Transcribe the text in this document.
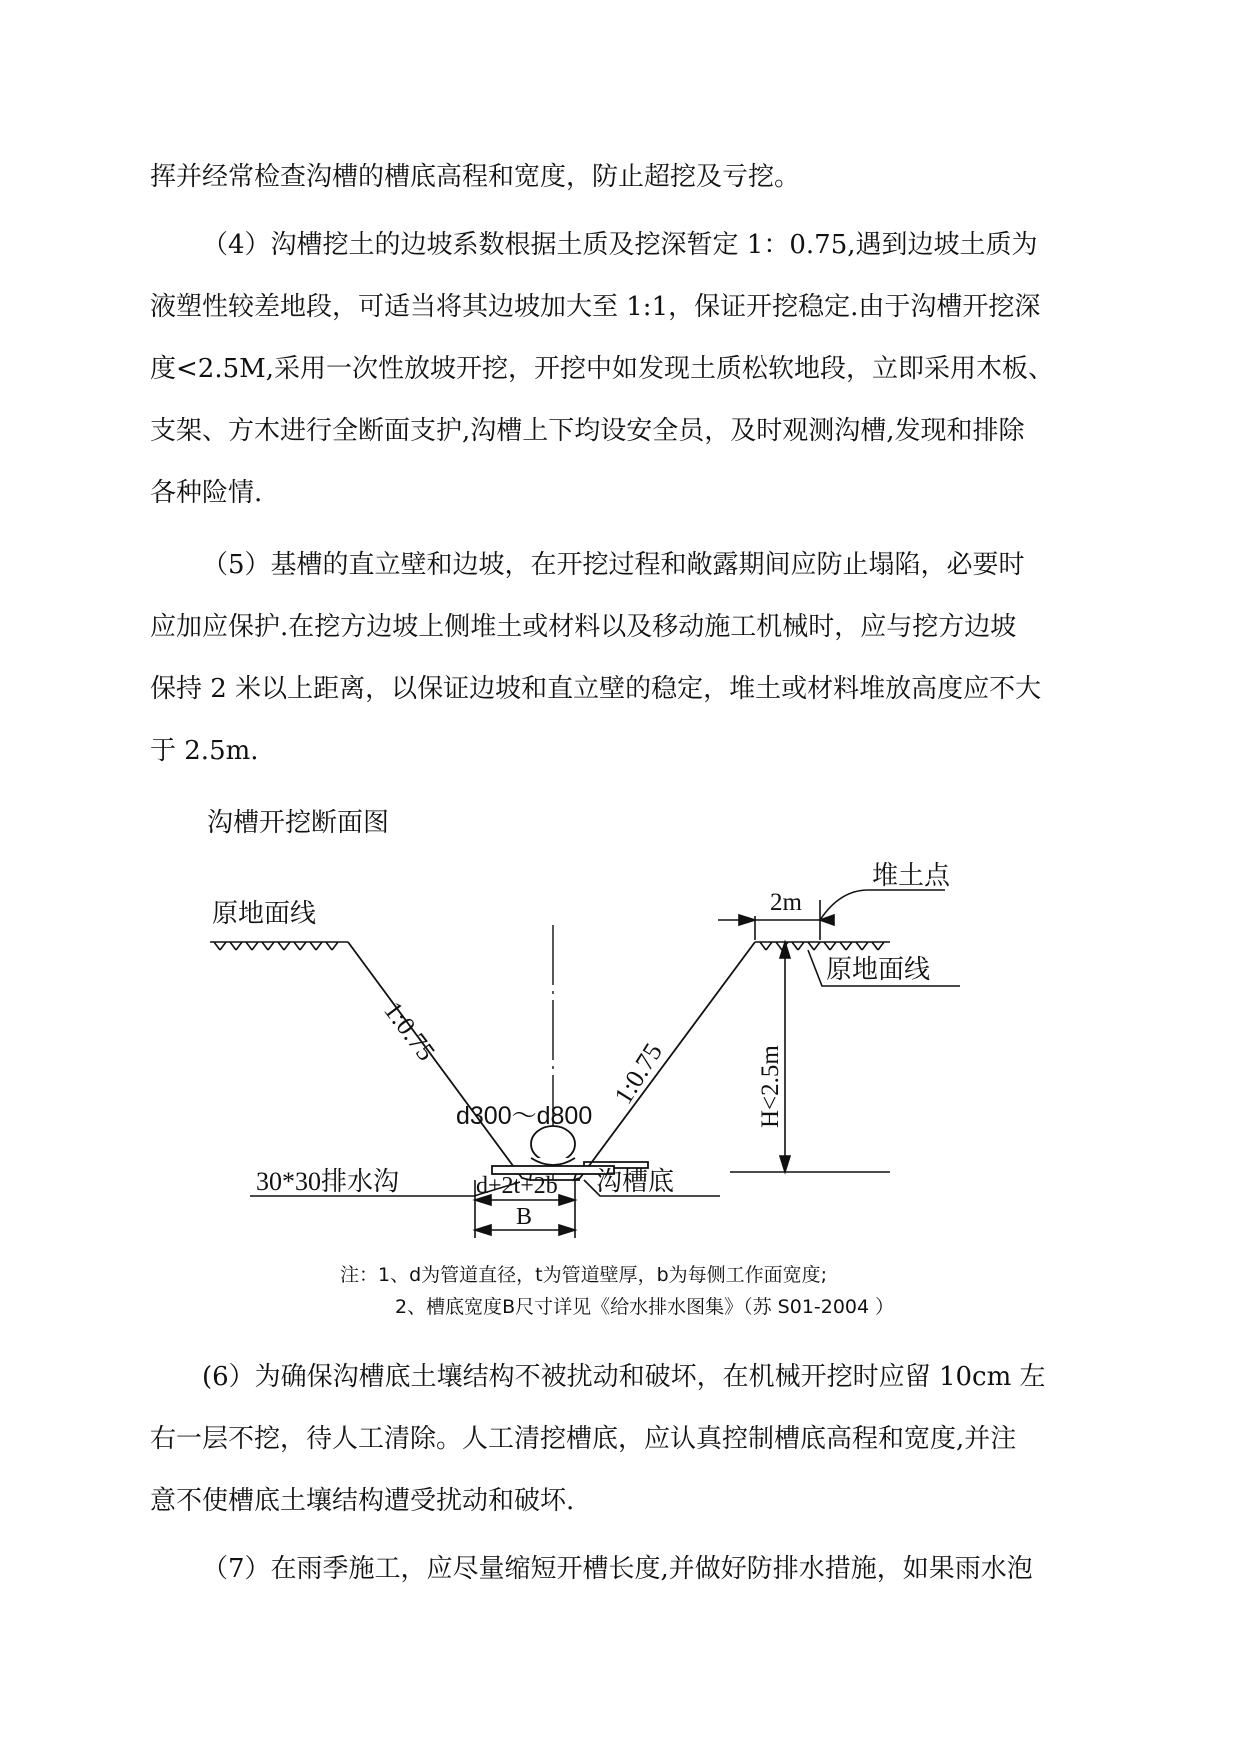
挥并经常检查沟槽的槽底高程和宽度，防止超挖及亏挖。
（4）沟槽挖土的边坡系数根据土质及挖深暂定 1：0.75,遇到边坡土质为
液塑性较差地段，可适当将其边坡加大至 1:1，保证开挖稳定.由于沟槽开挖深
度<2.5M,采用一次性放坡开挖，开挖中如发现土质松软地段，立即采用木板、
支架、方木进行全断面支护,沟槽上下均设安全员，及时观测沟槽,发现和排除
各种险情.
（5）基槽的直立壁和边坡，在开挖过程和敞露期间应防止塌陷，必要时
应加应保护.在挖方边坡上侧堆土或材料以及移动施工机械时，应与挖方边坡
保持 2 米以上距离，以保证边坡和直立壁的稳定，堆土或材料堆放高度应不大
于 2.5m.

沟槽开挖断面图

原地面线
d300～d800
1:0.75
1:0.75
原地面线
2m
堆土点
H<2.5m
30*30排水沟	沟槽底
d+2t+2b
B
注：1、d为管道直径，t为管道壁厚，b为每侧工作面宽度;
2、槽底宽度B尺寸详见《给水排水图集》（苏 S01-2004 ）
(6）为确保沟槽底土壤结构不被扰动和破坏，在机械开挖时应留 10cm 左
右一层不挖，待人工清除。人工清挖槽底，应认真控制槽底高程和宽度,并注
意不使槽底土壤结构遭受扰动和破坏.
（7）在雨季施工，应尽量缩短开槽长度,并做好防排水措施，如果雨水泡
